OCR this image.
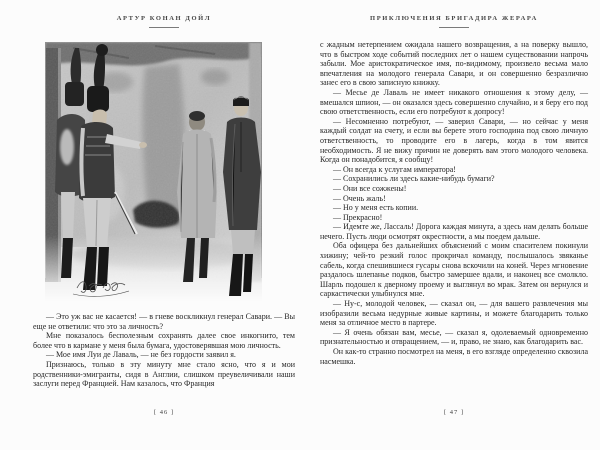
АРТУР КОНАН ДОЙЛ

— Это уж вас не касается! — в гневе воскликнул генерал Савари. — Вы еще не ответили: что это за личность?

Мне показалось бесполезным сохранять далее свое инкогнито, тем более что в кармане у меня была бумага, удостоверявшая мою личность.

— Мое имя Луи де Лаваль, — не без гордости заявил я.

Признаюсь, только в эту минуту мне стало ясно, что я и мои родственники-эмигранты, сидя в Англии, слишком преувеличивали наши заслуги перед Францией. Нам казалось, что Франция

[ 46 ]
ПРИКЛЮЧЕНИЯ БРИГАДИРА ЖЕРАРА

с жадным нетерпением ожидала нашего возвращения, а на поверку вышло, что в быстром ходе событий последних лет о нашем существовании напрочь забыли. Мое аристократическое имя, по-видимому, произвело весьма мало впечатления на молодого генерала Савари, и он совершенно безразлично занес его в свою записную книжку.

— Месье де Лаваль не имеет никакого отношения к этому делу, — вмешался шпион, — он оказался здесь совершенно случайно, и я беру его под свою ответственность, если его потребуют к допросу!

— Несомненно потребуют, — заверил Савари, — но сейчас у меня каждый солдат на счету, и если вы берете этого господина под свою личную ответственность, то проводите его в лагерь, когда в том явится необходимость. Я не вижу причин не доверять вам этого молодого человека. Когда он понадобится, я сообщу!

— Он всегда к услугам императора!

— Сохранились ли здесь какие-нибудь бумаги?

— Они все сожжены!

— Очень жаль!

— Но у меня есть копии.

— Прекрасно!

— Идемте же, Лассаль! Дорога каждая минута, а здесь нам делать больше нечего. Пусть люди осмотрят окрестности, а мы поедем дальше.

Оба офицера без дальнейших объяснений с моим спасителем покинули хижину; чей-то резкий голос прокричал команду, послышалось звяканье сабель, когда спешившиеся гусары снова вскочили на коней. Через мгновение раздалось шлепанье подков, быстро замершее вдали, и наконец все смолкло. Шарль подошел к дверному проему и выглянул во мрак. Затем он вернулся и саркастически улыбнулся мне.

— Ну-с, молодой человек, — сказал он, — для вашего развлечения мы изобразили весьма недурные живые картины, и можете благодарить только меня за отличное место в партере.

— Я очень обязан вам, месье, — сказал я, одолеваемый одновременно признательностью и отвращением, — и, право, не знаю, как благодарить вас.

Он как-то странно посмотрел на меня, в его взгляде определенно сквозила насмешка.

[ 47 ]
